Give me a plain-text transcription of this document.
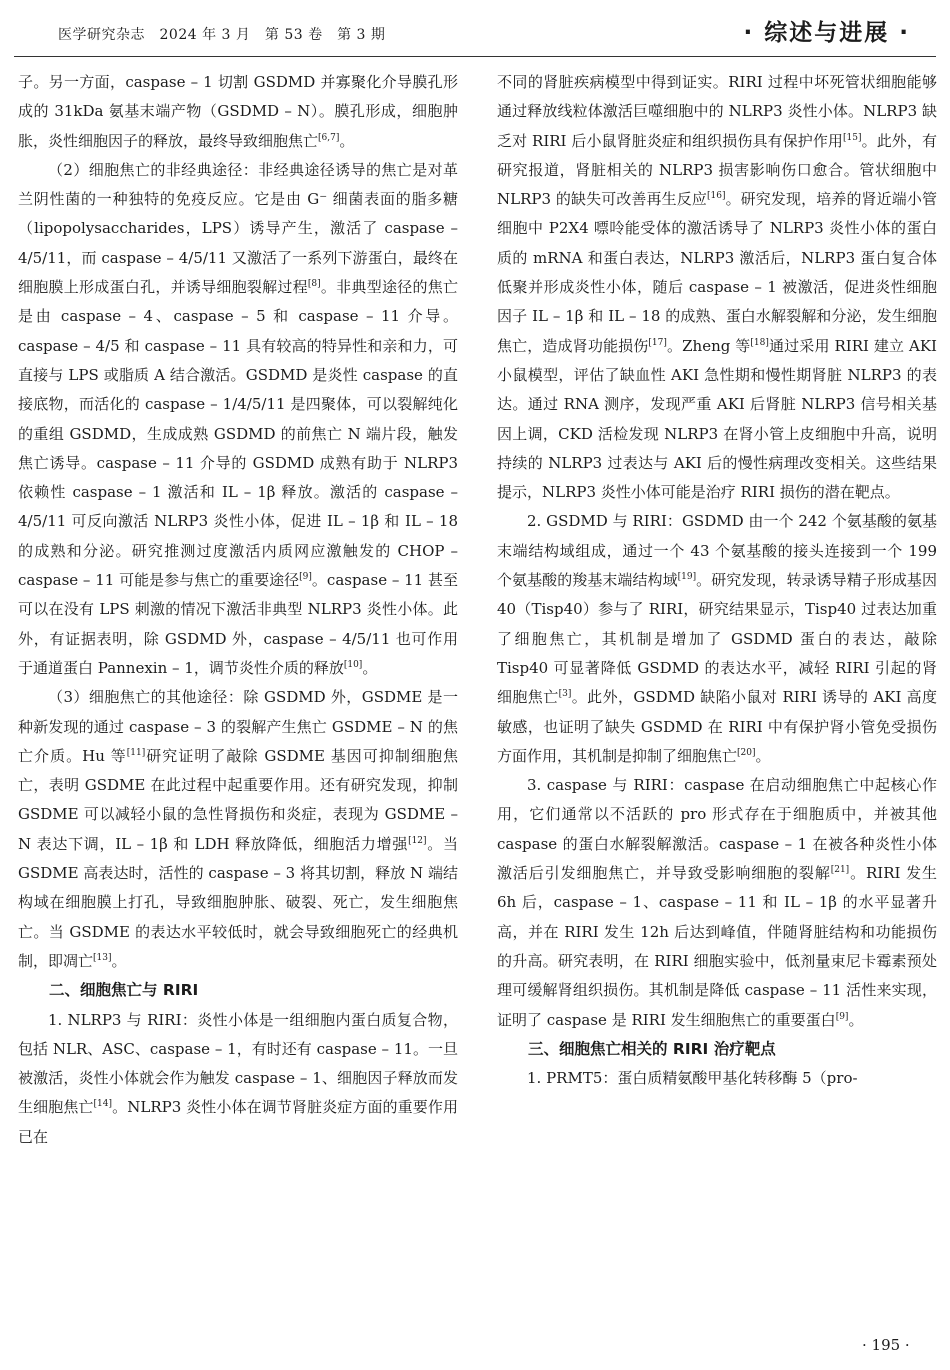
医学研究杂志　2024 年 3 月　第 53 卷　第 3 期	· 综述与进展 ·

子。另一方面，caspase – 1 切割 GSDMD 并寡聚化介导膜孔形成的 31kDa 氨基末端产物（GSDMD – N）。膜孔形成，细胞肿胀，炎性细胞因子的释放，最终导致细胞焦亡[6,7]。

（2）细胞焦亡的非经典途径：非经典途径诱导的焦亡是对革兰阴性菌的一种独特的免疫反应。它是由 G⁻ 细菌表面的脂多糖（lipopolysaccharides，LPS）诱导产生，激活了 caspase – 4/5/11，而 caspase – 4/5/11 又激活了一系列下游蛋白，最终在细胞膜上形成蛋白孔，并诱导细胞裂解过程[8]。非典型途径的焦亡是由 caspase – 4、caspase – 5 和 caspase – 11 介导。caspase – 4/5 和 caspase – 11 具有较高的特异性和亲和力，可直接与 LPS 或脂质 A 结合激活。GSDMD 是炎性 caspase 的直接底物，而活化的 caspase – 1/4/5/11 是四聚体，可以裂解纯化的重组 GSDMD，生成成熟 GSDMD 的前焦亡 N 端片段，触发焦亡诱导。caspase – 11 介导的 GSDMD 成熟有助于 NLRP3 依赖性 caspase – 1 激活和 IL – 1β 释放。激活的 caspase – 4/5/11 可反向激活 NLRP3 炎性小体，促进 IL – 1β 和 IL – 18 的成熟和分泌。研究推测过度激活内质网应激触发的 CHOP – caspase – 11 可能是参与焦亡的重要途径[9]。caspase – 11 甚至可以在没有 LPS 刺激的情况下激活非典型 NLRP3 炎性小体。此外，有证据表明，除 GSDMD 外，caspase – 4/5/11 也可作用于通道蛋白 Pannexin – 1，调节炎性介质的释放[10]。

（3）细胞焦亡的其他途径：除 GSDMD 外，GSDME 是一种新发现的通过 caspase – 3 的裂解产生焦亡 GSDME – N 的焦亡介质。Hu 等[11]研究证明了敲除 GSDME 基因可抑制细胞焦亡，表明 GSDME 在此过程中起重要作用。还有研究发现，抑制 GSDME 可以减轻小鼠的急性肾损伤和炎症，表现为 GSDME – N 表达下调，IL – 1β 和 LDH 释放降低，细胞活力增强[12]。当 GSDME 高表达时，活性的 caspase – 3 将其切割，释放 N 端结构域在细胞膜上打孔，导致细胞肿胀、破裂、死亡，发生细胞焦亡。当 GSDME 的表达水平较低时，就会导致细胞死亡的经典机制，即凋亡[13]。

二、细胞焦亡与 RIRI

1. NLRP3 与 RIRI：炎性小体是一组细胞内蛋白质复合物，包括 NLR、ASC、caspase – 1，有时还有 caspase – 11。一旦被激活，炎性小体就会作为触发 caspase – 1、细胞因子释放而发生细胞焦亡[14]。NLRP3 炎性小体在调节肾脏炎症方面的重要作用已在

不同的肾脏疾病模型中得到证实。RIRI 过程中坏死管状细胞能够通过释放线粒体激活巨噬细胞中的 NLRP3 炎性小体。NLRP3 缺乏对 RIRI 后小鼠肾脏炎症和组织损伤具有保护作用[15]。此外，有研究报道，肾脏相关的 NLRP3 损害影响伤口愈合。管状细胞中 NLRP3 的缺失可改善再生反应[16]。研究发现，培养的肾近端小管细胞中 P2X4 嘌呤能受体的激活诱导了 NLRP3 炎性小体的蛋白质的 mRNA 和蛋白表达，NLRP3 激活后，NLRP3 蛋白复合体低聚并形成炎性小体，随后 caspase – 1 被激活，促进炎性细胞因子 IL – 1β 和 IL – 18 的成熟、蛋白水解裂解和分泌，发生细胞焦亡，造成肾功能损伤[17]。Zheng 等[18]通过采用 RIRI 建立 AKI 小鼠模型，评估了缺血性 AKI 急性期和慢性期肾脏 NLRP3 的表达。通过 RNA 测序，发现严重 AKI 后肾脏 NLRP3 信号相关基因上调，CKD 活检发现 NLRP3 在肾小管上皮细胞中升高，说明持续的 NLRP3 过表达与 AKI 后的慢性病理改变相关。这些结果提示，NLRP3 炎性小体可能是治疗 RIRI 损伤的潜在靶点。

2. GSDMD 与 RIRI：GSDMD 由一个 242 个氨基酸的氨基末端结构域组成，通过一个 43 个氨基酸的接头连接到一个 199 个氨基酸的羧基末端结构域[19]。研究发现，转录诱导精子形成基因 40（Tisp40）参与了 RIRI，研究结果显示，Tisp40 过表达加重了细胞焦亡，其机制是增加了 GSDMD 蛋白的表达，敲除 Tisp40 可显著降低 GSDMD 的表达水平，减轻 RIRI 引起的肾细胞焦亡[3]。此外，GSDMD 缺陷小鼠对 RIRI 诱导的 AKI 高度敏感，也证明了缺失 GSDMD 在 RIRI 中有保护肾小管免受损伤方面作用，其机制是抑制了细胞焦亡[20]。

3. caspase 与 RIRI：caspase 在启动细胞焦亡中起核心作用，它们通常以不活跃的 pro 形式存在于细胞质中，并被其他 caspase 的蛋白水解裂解激活。caspase – 1 在被各种炎性小体激活后引发细胞焦亡，并导致受影响细胞的裂解[21]。RIRI 发生 6h 后，caspase – 1、caspase – 11 和 IL – 1β 的水平显著升高，并在 RIRI 发生 12h 后达到峰值，伴随肾脏结构和功能损伤的升高。研究表明，在 RIRI 细胞实验中，低剂量束尼卡霉素预处理可缓解肾组织损伤。其机制是降低 caspase – 11 活性来实现，证明了 caspase 是 RIRI 发生细胞焦亡的重要蛋白[9]。

三、细胞焦亡相关的 RIRI 治疗靶点

1. PRMT5：蛋白质精氨酸甲基化转移酶 5（pro-

· 195 ·
